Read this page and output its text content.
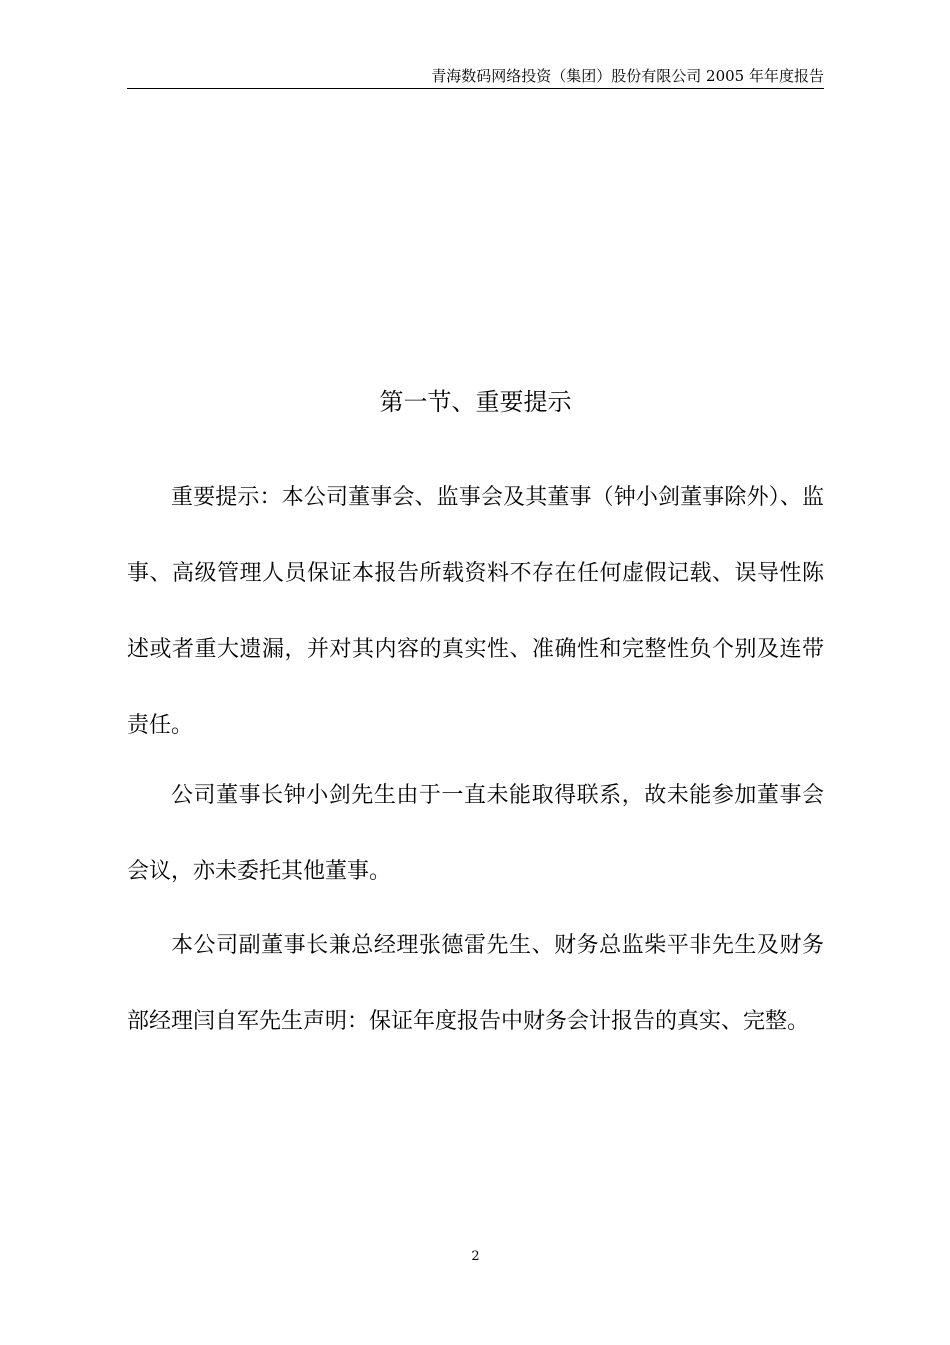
青海数码网络投资（集团）股份有限公司 2005 年年度报告
第一节、重要提示

重要提示：本公司董事会、监事会及其董事（钟小剑董事除外）、监事、高级管理人员保证本报告所载资料不存在任何虚假记载、误导性陈述或者重大遗漏，并对其内容的真实性、准确性和完整性负个别及连带责任。

公司董事长钟小剑先生由于一直未能取得联系，故未能参加董事会会议，亦未委托其他董事。

本公司副董事长兼总经理张德雷先生、财务总监柴平非先生及财务部经理闫自军先生声明：保证年度报告中财务会计报告的真实、完整。

2
